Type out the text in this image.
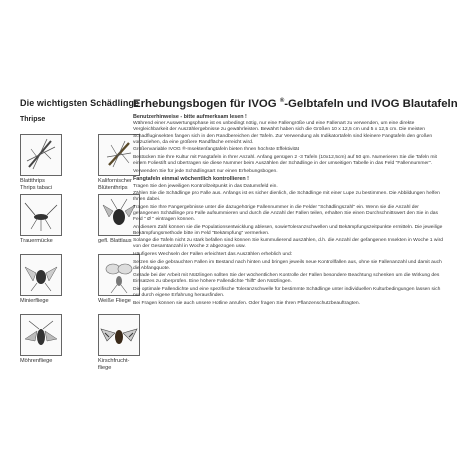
Die wichtigsten Schädlinge
Thripse
Blattthrips
Thrips tabaci
Kalifornischer
Blütenthrips
Trauermücke	gefl. Blattlaus
Minierfliege	Weiße Fliege
Möhrenfliege	Kirschfrucht-
fliege
Erhebungsbogen für IVOG ®-Gelbtafeln und IVOG Blautafeln

Benutzerhinweise - bitte aufmerksam lesen !

Während einer Auswertungsphase ist es unbedingt nötig, nur eine Fallengröße und eine Fallenart zu verwenden, um eine direkte Vergleichbarkeit der Auszählergebnisse zu gewährleisten. Bewährt haben sich die Größen 10 x 12,5 cm und 5 x 12,5 cm. Die meisten Schadfluginsekten fangen sich in den Randbereichen der Tafeln. Zur Verwendung als Indikatortafeln sind kleinere Fangtafeln den großen vorzuziehen, da eine größere Randfläche erreicht wird.

Größenvariable IVOG ®-Insektenfangtafeln bieten Ihnen höchste Effektivität

Bestücken Sie Ihre Kultur mit Fangtafeln in Ihrer Anzahl. Anfang genügen 2 -3 Tafeln (10x12,5cm) auf 50 qm. Numerieren Sie die Tafeln mit einem Foliestift und übertragen sie diese Nummer beim Auszählen der Schädlinge in der umseitigen Tabelle in das Feld "Fallennummer".

Verwenden Sie für jede Schädlingsart nur einen Erhebungsbogen.

Fangtafeln einmal wöchentlich kontrollieren !

Tragen Sie den jeweiligen Kontrollzeitpunkt in das Datumsfeld ein.

Zählen Sie die Schädlinge pro Falle aus. Anfangs ist es sicher dienlich, die Schädlinge mit einer Lupe zu bestimmen. Die Abbildungen helfen Ihnen dabei.

Tragen Sie Ihre Fangergebnisse unter die dazugehörige Fallennummer in die Felder "Schädlingszahl" ein. Wenn sie die Anzahl der gefangenen Schädlinge pro Falle aufsummieren und durch die Anzahl der Fallen teilen, erhalten Sie einen Durchschnittswert den Sie in das Feld " Ø " eintragen können.

An diesem Zahl können sie die Populationsentwicklung ablesen, sowieToleranzschwellen und Bekämpfungszeitpunkte ermitteln. Die jeweilige Bekämpfungsmethode bitte im Feld "Bekämpfung" vermerken.

Solange die Tafeln nicht zu stark befallen sind können Sie kummulierend auszählen, d.h. die Anzahl der gefangenen Insekten in Woche 1 wird von der Gesamtanzahl in Woche 2 abgezogen usw.

Häufigeres Wechseln der Fallen erleichtert das Auszählen erheblich und:

Setzen sie die gebrauchten Fallen im Bestand nach hinten und bringen jeweils neue Kontrollfallen aus, ohne sie Fallenanzahl und damit auch die Abfangquote.

Gerade bei der Arbeit mit Nützlingen sollten Sie der wöchentlichen Kontrolle der Fallen besondere Beachtung schenken um die Wirkung des Einsatzes zu überprüfen. Eine höhere Fallendichte "hilft" den Nützlingen.

Die optimale Fallendichte und eine spezifische Toleranzschwelle für bestimmte Schädlinge unter individuellen Kulturbedingungen lassen sich nur durch eigene Erfahrung herausfinden.

Bei Fragen können sie auch unsere Hotline anrufen. Oder fragen Sie Ihren Pflanzenschutzbeauftragten.
